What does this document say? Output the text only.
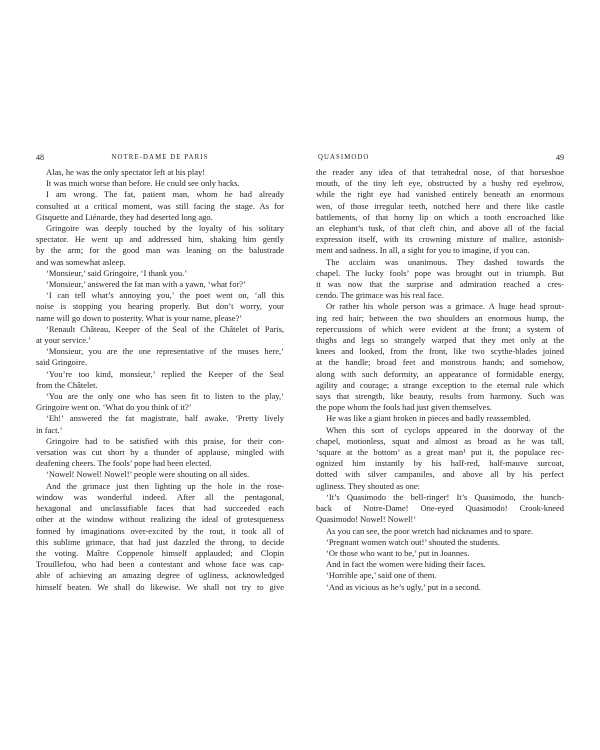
48	NOTRE-DAME DE PARIS
Alas, he was the only spectator left at his play!
It was much worse than before. He could see only backs.
I am wrong. The fat, patient man, whom he had already
consulted at a critical moment, was still facing the stage. As for
Gisquette and Liénarde, they had deserted long ago.
Gringoire was deeply touched by the loyalty of his solitary
spectator. He went up and addressed him, shaking him gently
by the arm; for the good man was leaning on the balustrade
and was somewhat asleep.
‘Monsieur,’ said Gringoire, ‘I thank you.’
‘Monsieur,’ answered the fat man with a yawn, ‘what for?’
‘I can tell what’s annoying you,’ the poet went on, ‘all this
noise is stopping you hearing properly. But don’t worry, your
name will go down to posterity. What is your name, please?’
‘Renault Château, Keeper of the Seal of the Châtelet of Paris,
at your service.’
‘Monsieur, you are the one representative of the muses here,’
said Gringoire.
‘You’re too kind, monsieur,’ replied the Keeper of the Seal
from the Châtelet.
‘You are the only one who has seen fit to listen to the play,’
Gringoire went on. ‘What do you think of it?’
‘Eh!’ answered the fat magistrate, half awake. ‘Pretty lively
in fact.’
Gringoire had to be satisfied with this praise, for their con-
versation was cut short by a thunder of applause, mingled with
deafening cheers. The fools’ pope had been elected.
‘Nowel! Nowel! Nowel!’ people were shouting on all sides.
And the grimace just then lighting up the hole in the rose-
window was wonderful indeed. After all the pentagonal,
hexagonal and unclassifiable faces that had succeeded each
other at the window without realizing the ideal of grotesqueness
formed by imaginations over-excited by the rout, it took all of
this sublime grimace, that had just dazzled the throng, to decide
the voting. Maître Coppenole himself applauded; and Clopin
Trouillefou, who had been a contestant and whose face was cap-
able of achieving an amazing degree of ugliness, acknowledged
himself beaten. We shall do likewise. We shall not try to give
QUASIMODO	49
the reader any idea of that tetrahedral nose, of that horseshoe
mouth, of the tiny left eye, obstructed by a bushy red eyebrow,
while the right eye had vanished entirely beneath an enormous
wen, of those irregular teeth, notched here and there like castle
battlements, of that horny lip on which a tooth encroached like
an elephant’s tusk, of that cleft chin, and above all of the facial
expression itself, with its crowning mixture of malice, astonish-
ment and sadness. In all, a sight for you to imagine, if you can.
The acclaim was unanimous. They dashed towards the
chapel. The lucky fools’ pope was brought out in triumph. But
it was now that the surprise and admiration reached a cres-
cendo. The grimace was his real face.
Or rather his whole person was a grimace. A huge head sprout-
ing red hair; between the two shoulders an enormous hump, the
repercussions of which were evident at the front; a system of
thighs and legs so strangely warped that they met only at the
knees and looked, from the front, like two scythe-blades joined
at the handle; broad feet and monstrous hands; and somehow,
along with such deformity, an appearance of formidable energy,
agility and courage; a strange exception to the eternal rule which
says that strength, like beauty, results from harmony. Such was
the pope whom the fools had just given themselves.
He was like a giant broken in pieces and badly reassembled.
When this sort of cyclops appeared in the doorway of the
chapel, motionless, squat and almost as broad as he was tall,
‘square at the bottom’ as a great man¹ put it, the populace rec-
ognized him instantly by his half-red, half-mauve surcoat,
dotted with silver campaniles, and above all by his perfect
ugliness. They shouted as one:
‘It’s Quasimodo the bell-ringer! It’s Quasimodo, the hunch-
back of Notre-Dame! One-eyed Quasimodo! Crook-kneed
Quasimodo! Nowel! Nowel!’
As you can see, the poor wretch had nicknames and to spare.
‘Pregnant women watch out!’ shouted the students.
‘Or those who want to be,’ put in Joannes.
And in fact the women were hiding their faces.
‘Horrible ape,’ said one of them.
‘And as vicious as he’s ugly,’ put in a second.
